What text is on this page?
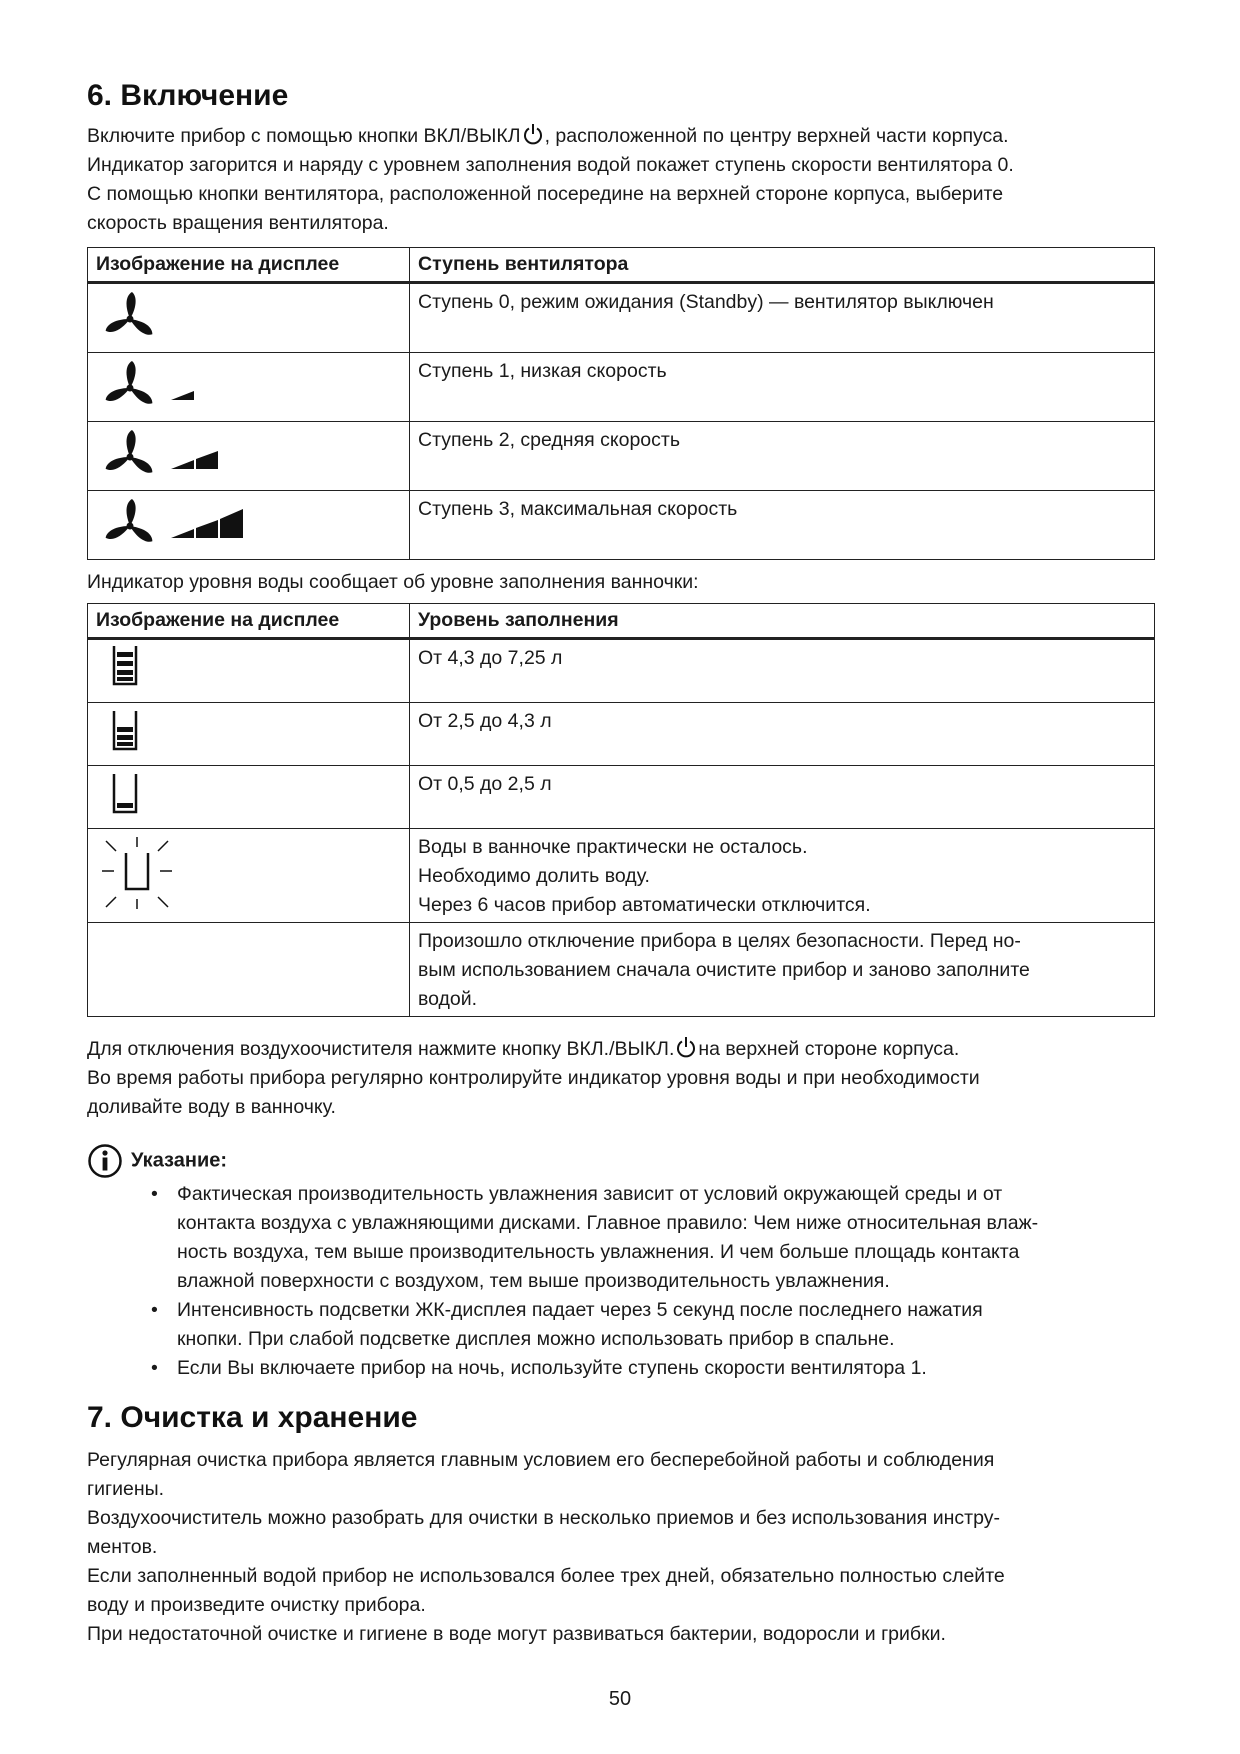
6. Включение

Включите прибор с помощью кнопки ВКЛ/ВЫКЛ , расположенной по центру верхней части корпуса.
Индикатор загорится и наряду с уровнем заполнения водой покажет ступень скорости вентилятора 0.
С помощью кнопки вентилятора, расположенной посередине на верхней стороне корпуса, выберите
скорость вращения вентилятора.

Изображение на дисплее	Ступень вентилятора

	Ступень 0, режим ожидания (Standby) — вентилятор выключен

	Ступень 1, низкая скорость

	Ступень 2, средняя скорость

	Ступень 3, максимальная скорость

Индикатор уровня воды сообщает об уровне заполнения ванночки:

Изображение на дисплее	Уровень заполнения

	От 4,3 до 7,25 л

	От 2,5 до 4,3 л

	От 0,5 до 2,5 л

	Воды в ванночке практически не осталось.
Необходимо долить воду.
Через 6 часов прибор автоматически отключится.
	Произошло отключение прибора в целях безопасности. Перед но-
вым использованием сначала очистите прибор и заново заполните
водой.

Для отключения воздухоочистителя нажмите кнопку ВКЛ./ВЫКЛ. на верхней стороне корпуса.
Во время работы прибора регулярно контролируйте индикатор уровня воды и при необходимости
доливайте воду в ванночку.

Указание:
• Фактическая производительность увлажнения зависит от условий окружающей среды и от
контакта воздуха с увлажняющими дисками. Главное правило: Чем ниже относительная влаж-
ность воздуха, тем выше производительность увлажнения. И чем больше площадь контакта
влажной поверхности с воздухом, тем выше производительность увлажнения.
• Интенсивность подсветки ЖК-дисплея падает через 5 секунд после последнего нажатия
кнопки. При слабой подсветке дисплея можно использовать прибор в спальне.
• Если Вы включаете прибор на ночь, используйте ступень скорости вентилятора 1.
7. Очистка и хранение

Регулярная очистка прибора является главным условием его бесперебойной работы и соблюдения
гигиены.
Воздухоочиститель можно разобрать для очистки в несколько приемов и без использования инстру-
ментов.
Если заполненный водой прибор не использовался более трех дней, обязательно полностью слейте
воду и произведите очистку прибора.
При недостаточной очистке и гигиене в воде могут развиваться бактерии, водоросли и грибки.

50
